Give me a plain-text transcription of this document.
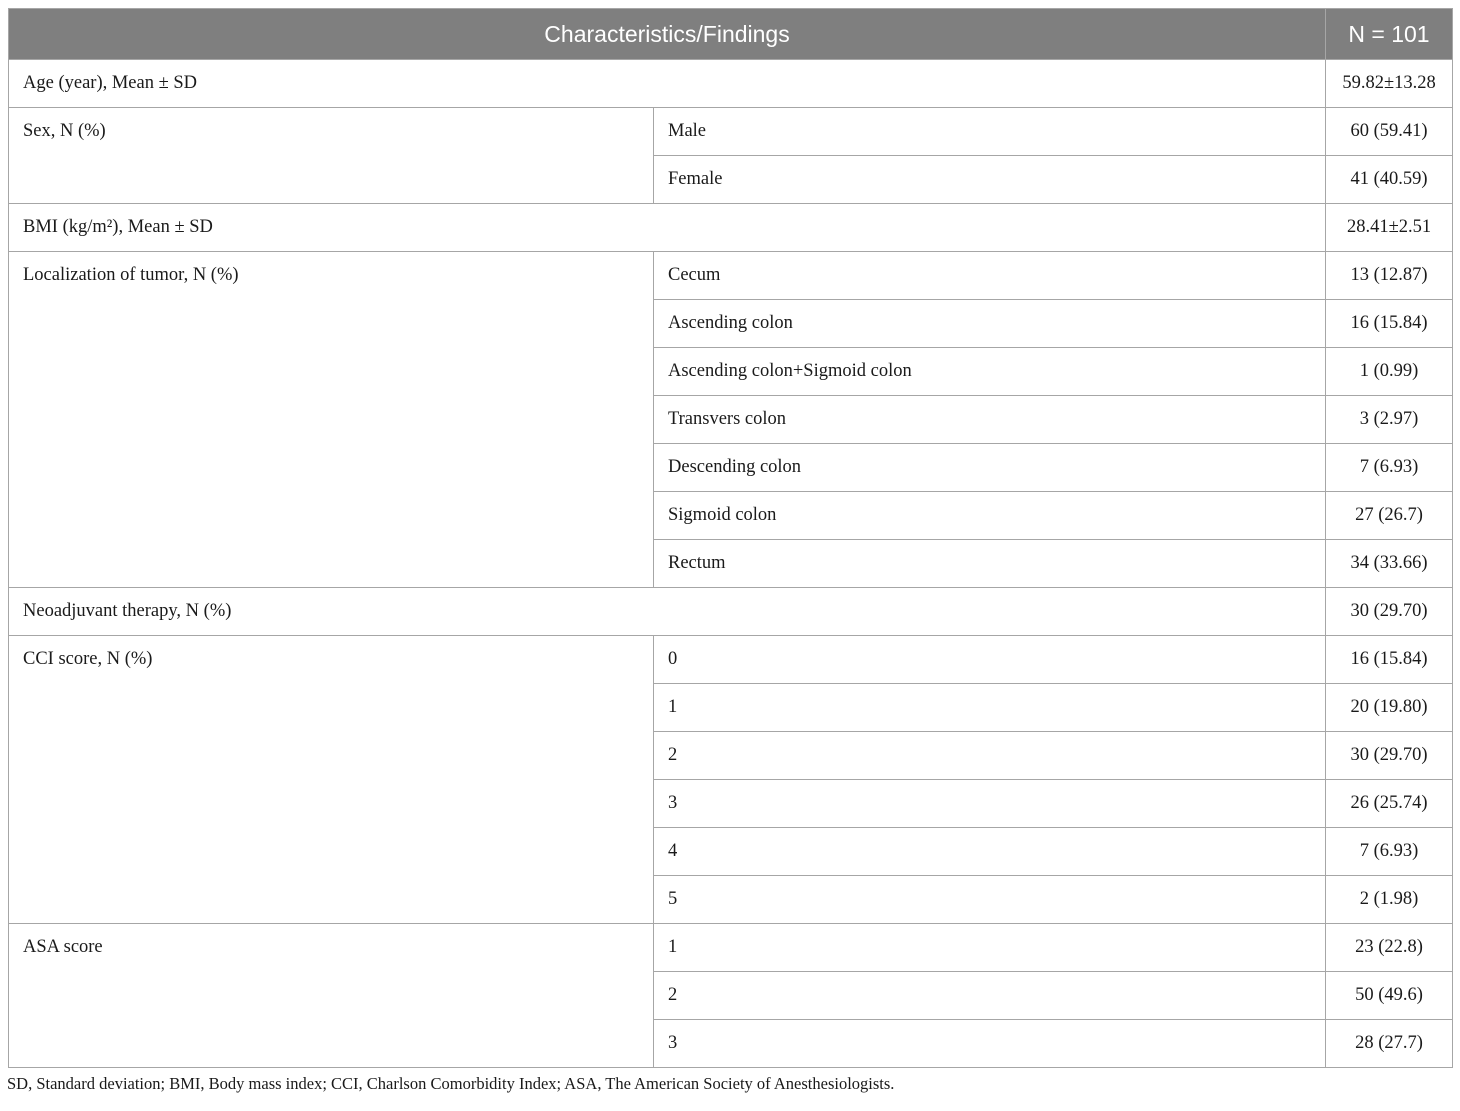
Characteristics/Findings		N = 101
Age (year), Mean ± SD		59.82±13.28
Sex, N (%)	Male	60 (59.41)
	Female	41 (40.59)
BMI (kg/m²), Mean ± SD		28.41±2.51
Localization of tumor, N (%)	Cecum	13 (12.87)
	Ascending colon	16 (15.84)
	Ascending colon+Sigmoid colon	1 (0.99)
	Transvers colon	3 (2.97)
	Descending colon	7 (6.93)
	Sigmoid colon	27 (26.7)
	Rectum	34 (33.66)
Neoadjuvant therapy, N (%)		30 (29.70)
CCI score, N (%)	0	16 (15.84)
	1	20 (19.80)
	2	30 (29.70)
	3	26 (25.74)
	4	7 (6.93)
	5	2 (1.98)
ASA score	1	23 (22.8)
	2	50 (49.6)
	3	28 (27.7)
SD, Standard deviation; BMI, Body mass index; CCI, Charlson Comorbidity Index; ASA, The American Society of Anesthesiologists.
